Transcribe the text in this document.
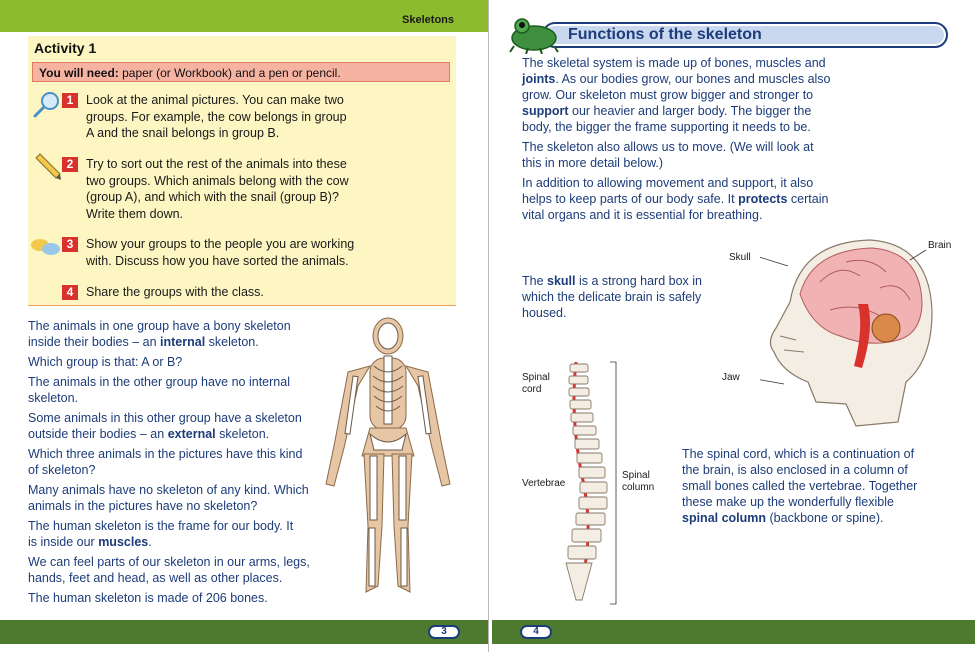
Skeletons
Activity 1
You will need: paper (or Workbook) and a pen or pencil.
1	Look at the animal pictures. You can make two
groups. For example, the cow belongs in group
A and the snail belongs in group B.
2	Try to sort out the rest of the animals into these
two groups. Which animals belong with the cow
(group A), and which with the snail (group B)?
Write them down.
3	Show your groups to the people you are working
with. Discuss how you have sorted the animals.
4	Share the groups with the class.
The animals in one group have a bony skeleton
inside their bodies – an internal skeleton.
Which group is that: A or B?
The animals in the other group have no internal
skeleton.
Some animals in this other group have a skeleton
outside their bodies – an external skeleton.
Which three animals in the pictures have this kind
of skeleton?
Many animals have no skeleton of any kind. Which
animals in the pictures have no skeleton?
The human skeleton is the frame for our body. It
is inside our muscles.
We can feel parts of our skeleton in our arms, legs,
hands, feet and head, as well as other places.
The human skeleton is made of 206 bones.
3
Functions of the skeleton
The skeletal system is made up of bones, muscles and
joints. As our bodies grow, our bones and muscles also
grow. Our skeleton must grow bigger and stronger to
support our heavier and larger body. The bigger the
body, the bigger the frame supporting it needs to be.
The skeleton also allows us to move. (We will look at
this in more detail below.)
In addition to allowing movement and support, it also
helps to keep parts of our body safe. It protects certain
vital organs and it is essential for breathing.
The skull is a strong hard box in
which the delicate brain is safely
housed.
Skull
Brain
Jaw
Spinal
cord
Vertebrae
Spinal
column
The spinal cord, which is a continuation of
the brain, is also enclosed in a column of
small bones called the vertebrae. Together
these make up the wonderfully flexible
spinal column (backbone or spine).
4
